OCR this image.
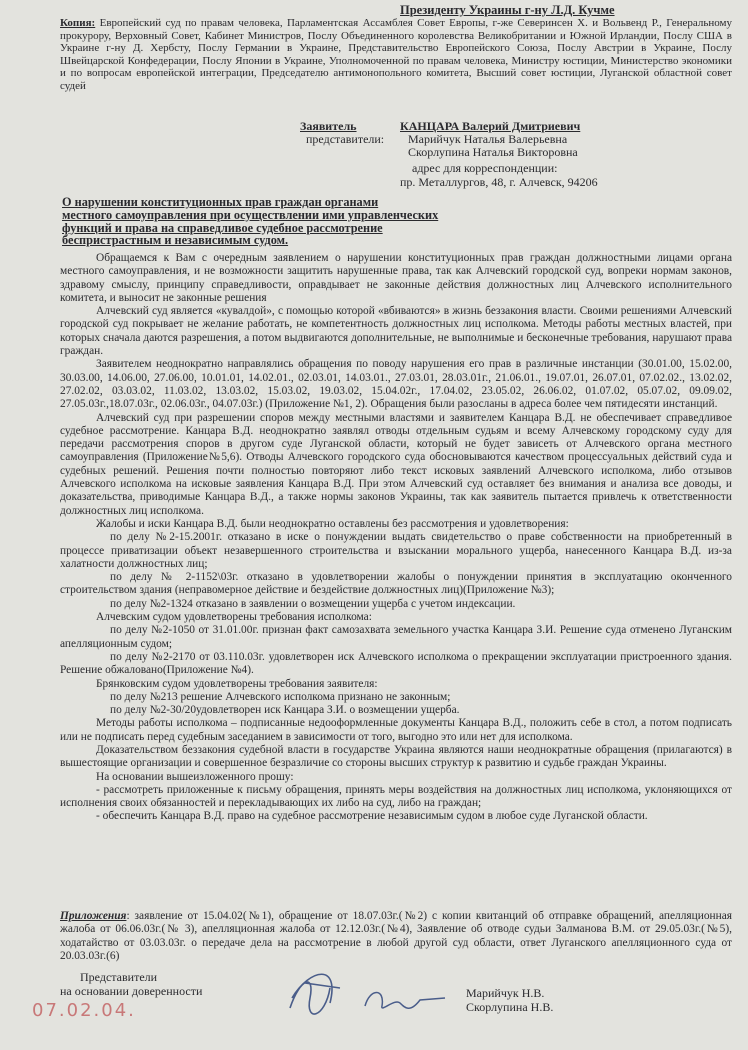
Президенту Украины г-ну Л.Д. Кучме
Копия: Европейский суд по правам человека, Парламентская Ассамблея Совет Европы, г-же Северинсен Х. и Вольвенд Р., Генеральному прокурору, Верховный Совет, Кабинет Министров, Послу Объединенного королевства Великобритании и Южной Ирландии, Послу США в Украине г-ну Д. Хербсту, Послу Германии в Украине, Представительство Европейского Союза, Послу Австрии в Украине, Послу Швейцарской Конфедерации, Послу Японии в Украине, Уполномоченной по правам человека, Министру юстиции, Министерство экономики и по вопросам европейской интеграции, Председателю антимонопольного комитета, Высший совет юстиции, Луганской областной совет судей
Заявитель
представители:
КАНЦАРА Валерий Дмитриевич
Марийчук Наталья Валерьевна
Скорлупина Наталья Викторовна
адрес для корреспонденции:
пр. Металлургов, 48, г. Алчевск, 94206
О нарушении конституционных прав граждан органами
местного самоуправления при осуществлении ими управленческих
функций и права на справедливое судебное рассмотрение
беспристрастным и независимым судом.

Обращаемся к Вам с очередным заявлением о нарушении конституционных прав граждан должностными лицами органа местного самоуправления, и не возможности защитить нарушенные права, так как Алчевский городской суд, вопреки нормам законов, здравому смыслу, принципу справедливости, оправдывает не законные действия должностных лиц Алчевского исполнительного комитета, и выносит не законные решения

Алчевский суд является «кувалдой», с помощью которой «вбиваются» в жизнь беззакония власти. Своими решениями Алчевский городской суд покрывает не желание работать, не компетентность должностных лиц исполкома. Методы работы местных властей, при которых сначала даются разрешения, а потом выдвигаются дополнительные, не выполнимые и бесконечные требования, нарушают права граждан.

Заявителем неоднократно направлялись обращения по поводу нарушения его прав в различные инстанции (30.01.00, 15.02.00, 30.03.00, 14.06.00, 27.06.00, 10.01.01, 14.02.01., 02.03.01, 14.03.01., 27.03.01, 28.03.01г., 21.06.01., 19.07.01, 26.07.01, 07.02.02., 13.02.02, 27.02.02, 03.03.02, 11.03.02, 13.03.02, 15.03.02, 19.03.02, 15.04.02г., 17.04.02, 23.05.02, 26.06.02, 01.07.02, 05.07.02, 09.09.02, 27.05.03г.,18.07.03г., 02.06.03г., 04.07.03г.) (Приложение №1, 2). Обращения были разосланы в адреса более чем пятидесяти инстанций.

Алчевский суд при разрешении споров между местными властями и заявителем Канцара В.Д. не обеспечивает справедливое судебное рассмотрение. Канцара В.Д. неоднократно заявлял отводы отдельным судьям и всему Алчевскому городскому суду для передачи рассмотрения споров в другом суде Луганской области, который не будет зависеть от Алчевского органа местного самоуправления (Приложение№5,6). Отводы Алчевского городского суда обосновываются качеством процессуальных действий суда и судебных решений. Решения почти полностью повторяют либо текст исковых заявлений Алчевского исполкома, либо отзывов Алчевского исполкома на исковые заявления Канцара В.Д. При этом Алчевский суд оставляет без внимания и анализа все доводы, и доказательства, приводимые Канцара В.Д., а также нормы законов Украины, так как заявитель пытается привлечь к ответственности должностных лиц исполкома.

Жалобы и иски Канцара В.Д. были неоднократно оставлены без рассмотрения и удовлетворения:

по делу №2-15.2001г. отказано в иске о понуждении выдать свидетельство о праве собственности на приобретенный в процессе приватизации объект незавершенного строительства и взыскании морального ущерба, нанесенного Канцара В.Д. из-за халатности должностных лиц;

по делу № 2-1152\03г. отказано в удовлетворении жалобы о понуждении принятия в эксплуатацию оконченного строительством здания (неправомерное действие и бездействие должностных лиц)(Приложение №3);

по делу №2-1324 отказано в заявлении о возмещении ущерба с учетом индексации.

Алчевским судом удовлетворены требования исполкома:

по делу №2-1050 от 31.01.00г. признан факт самозахвата земельного участка Канцара З.И. Решение суда отменено Луганским апелляционным судом;

по делу №2-2170 от 03.110.03г. удовлетворен иск Алчевского исполкома о прекращении эксплуатации пристроенного здания. Решение обжаловано(Приложение №4).

Брянковским судом удовлетворены требования заявителя:

по делу №213 решение Алчевского исполкома признано не законным;

по делу №2-30/20удовлетворен иск Канцара З.И. о возмещении ущерба.

Методы работы исполкома – подписанные недооформленные документы Канцара В.Д., положить себе в стол, а потом подписать или не подписать перед судебным заседанием в зависимости от того, выгодно это или нет для исполкома.

Доказательством беззакония судебной власти в государстве Украина являются наши неоднократные обращения (прилагаются) в вышестоящие организации и совершенное безразличие со стороны высших структур к развитию и судьбе граждан Украины.

На основании вышеизложенного прошу:

- рассмотреть приложенные к письму обращения, принять меры воздействия на должностных лиц исполкома, уклоняющихся от исполнения своих обязанностей и перекладывающих их либо на суд, либо на граждан;

- обеспечить Канцара В.Д. право на судебное рассмотрение независимым судом в любое суде Луганской области.

Приложения: заявление от 15.04.02(№1), обращение от 18.07.03г.(№2) с копии квитанций об отправке обращений, апелляционная жалоба от 06.06.03г.(№ 3), апелляционная жалоба от 12.12.03г.(№4), Заявление об отводе судьи Залманова В.М. от 29.05.03г.(№5), ходатайство от 03.03.03г. о передаче дела на рассмотрение в любой другой суд области, ответ Луганского апелляционного суда от 20.03.03г.(6)
Представители
на основании доверенности
07.02.04.
Марийчук Н.В.
Скорлупина Н.В.
